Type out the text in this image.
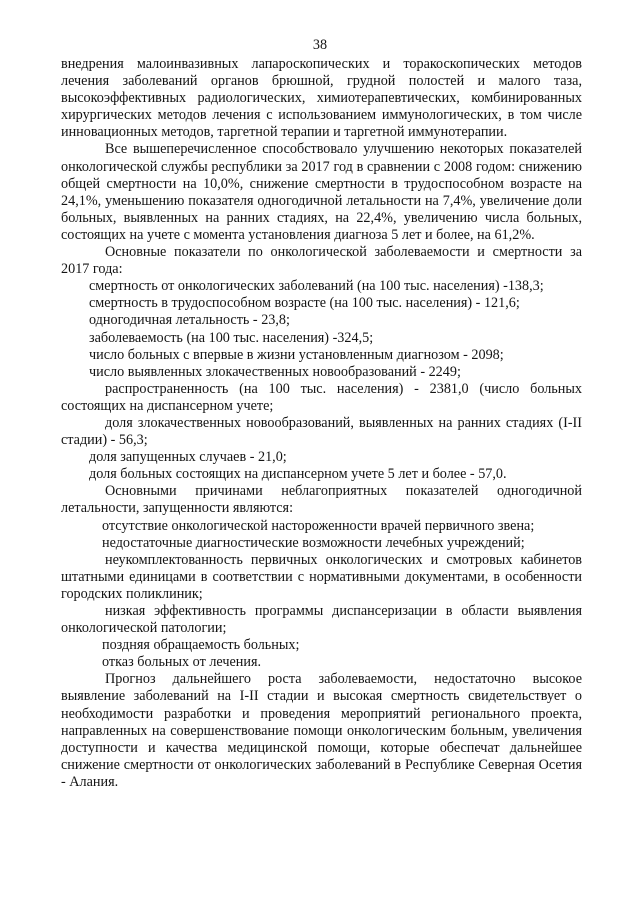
38

внедрения малоинвазивных лапароскопических и торакоскопических методов лечения заболеваний органов брюшной, грудной полостей и малого таза, высокоэффективных радиологических, химиотерапевтических, комбинированных хирургических методов лечения с использованием иммунологических, в том числе инновационных методов, таргетной терапии и таргетной иммунотерапии.

Все вышеперечисленное способствовало улучшению некоторых показателей онкологической службы республики за 2017 год в сравнении с 2008 годом: снижению общей смертности на 10,0%, снижение смертности в трудоспособном возрасте на 24,1%, уменьшению показателя одногодичной летальности на 7,4%, увеличение доли больных, выявленных на ранних стадиях, на 22,4%, увеличению числа больных, состоящих на учете с момента установления диагноза 5 лет и более, на 61,2%.

Основные показатели по онкологической заболеваемости и смертности за 2017 года:

смертность от онкологических заболеваний (на 100 тыс. населения) -138,3;

смертность в трудоспособном возрасте (на 100 тыс. населения) - 121,6;

одногодичная летальность - 23,8;

заболеваемость (на 100 тыс. населения) -324,5;

число больных с впервые в жизни установленным диагнозом - 2098;

число выявленных злокачественных новообразований - 2249;

распространенность (на 100 тыс. населения) - 2381,0 (число больных состоящих на диспансерном учете;

доля злокачественных новообразований, выявленных на ранних стадиях (I-II стадии) - 56,3;

доля запущенных случаев - 21,0;

доля больных состоящих на диспансерном учете 5 лет и более - 57,0.

Основными причинами неблагоприятных показателей одногодичной летальности, запущенности являются:

отсутствие онкологической настороженности врачей первичного звена;

недостаточные диагностические возможности лечебных учреждений;

неукомплектованность первичных онкологических и смотровых кабинетов штатными единицами в соответствии с нормативными документами, в особенности городских поликлиник;

низкая эффективность программы диспансеризации в области выявления онкологической патологии;

поздняя обращаемость больных;

отказ больных от лечения.

Прогноз дальнейшего роста заболеваемости, недостаточно высокое выявление заболеваний на I-II стадии и высокая смертность свидетельствует о необходимости разработки и проведения мероприятий регионального проекта, направленных на совершенствование помощи онкологическим больным, увеличения доступности и качества медицинской помощи, которые обеспечат дальнейшее снижение смертности от онкологических заболеваний в Республике Северная Осетия - Алания.
